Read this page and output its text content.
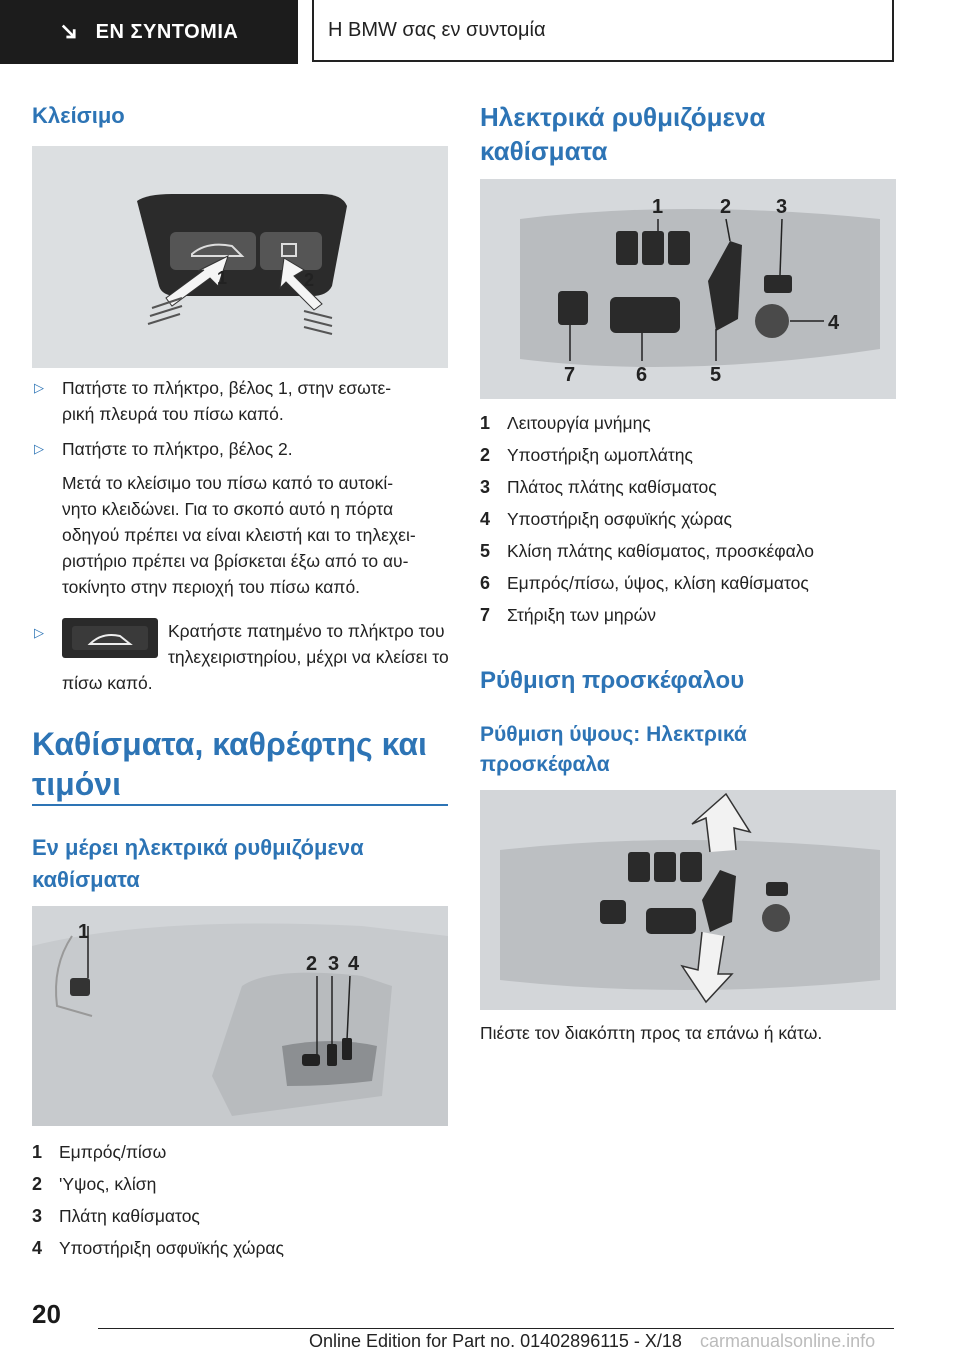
ΕΝ ΣΥΝΤΟΜΙΑ	H BMW σας εν συντομία
Κλείσιμο
1	2
▷ Πατήστε το πλήκτρο, βέλος 1, στην εσωτε-
ρική πλευρά του πίσω καπό.
▷ Πατήστε το πλήκτρο, βέλος 2.
Μετά το κλείσιμο του πίσω καπό το αυτοκί-
νητο κλειδώνει. Για το σκοπό αυτό η πόρτα
οδηγού πρέπει να είναι κλειστή και το τηλεχει-
ριστήριο πρέπει να βρίσκεται έξω από το αυ-
τοκίνητο στην περιοχή του πίσω καπό.
▷	Κρατήστε πατημένο το πλήκτρο του
τηλεχειριστηρίου, μέχρι να κλείσει το
πίσω καπό.
Καθίσματα, καθρέφτης και τιμόνι
Εν μέρει ηλεκτρικά ρυθμιζόμενα καθίσματα
1
2 3 4
1 Εμπρός/πίσω
2 'Υψος, κλίση
3 Πλάτη καθίσματος
4 Υποστήριξη οσφυϊκής χώρας
Ηλεκτρικά ρυθμιζόμενα καθίσματα
1	2 3
4
5
6
7
1 Λειτουργία μνήμης
2 Υποστήριξη ωμοπλάτης
3 Πλάτος πλάτης καθίσματος
4 Υποστήριξη οσφυϊκής χώρας
5 Κλίση πλάτης καθίσματος, προσκέφαλο
6 Εμπρός/πίσω, ύψος, κλίση καθίσματος
7 Στήριξη των μηρών
Ρύθμιση προσκέφαλου
Ρύθμιση ύψους: Ηλεκτρικά προσκέφαλα
Πιέστε τον διακόπτη προς τα επάνω ή κάτω.
20
Online Edition for Part no. 01402896115 - X/18 carmanualsonline.info
